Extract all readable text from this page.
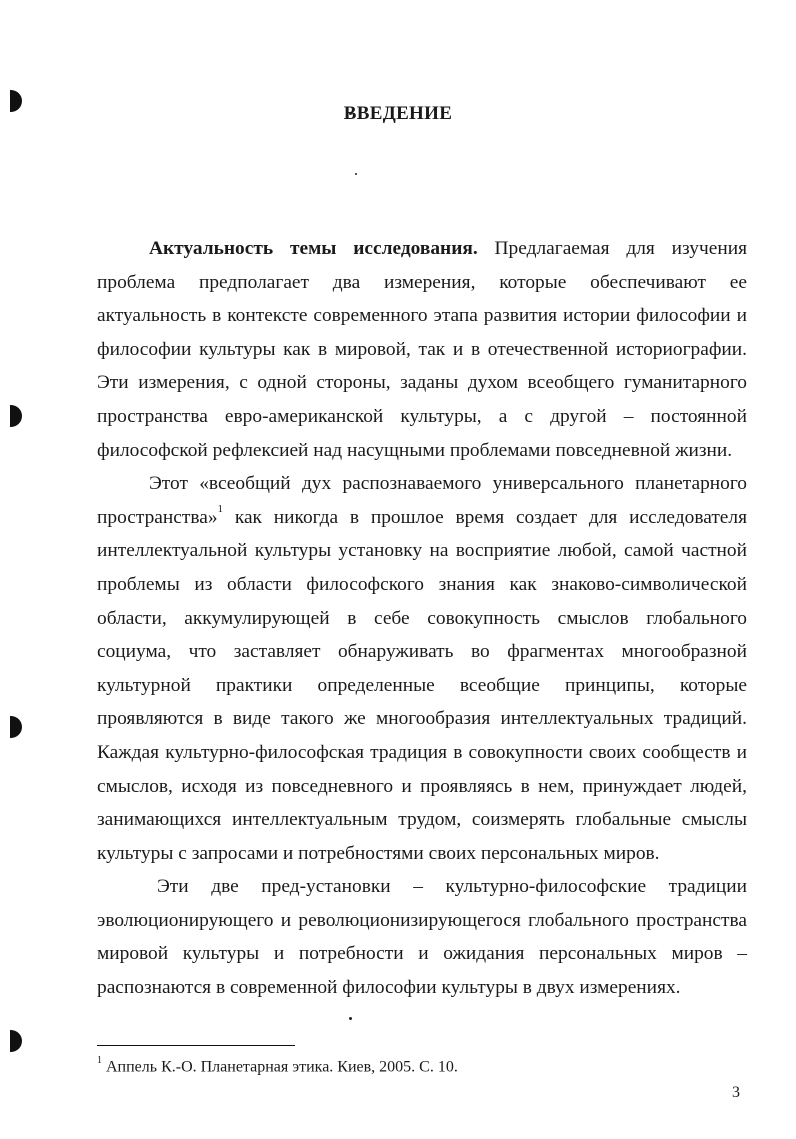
ВВЕДЕНИЕ

Актуальность темы исследования. Предлагаемая для изучения проблема предполагает два измерения, которые обеспечивают ее актуальность в контексте современного этапа развития истории философии и философии культуры как в мировой, так и в отечественной историографии. Эти измерения, с одной стороны, заданы духом всеобщего гуманитарного пространства евро-американской культуры, а с другой – постоянной философской рефлексией над насущными проблемами повседневной жизни.

Этот «всеобщий дух распознаваемого универсального планетарного пространства»$^1$ как никогда в прошлое время создает для исследователя интеллектуальной культуры установку на восприятие любой, самой частной проблемы из области философского знания как знаково-символической области, аккумулирующей в себе совокупность смыслов глобального социума, что заставляет обнаруживать во фрагментах многообразной культурной практики определенные всеобщие принципы, которые проявляются в виде такого же многообразия интеллектуальных традиций. Каждая культурно-философская традиция в совокупности своих сообществ и смыслов, исходя из повседневного и проявляясь в нем, принуждает людей, занимающихся интеллектуальным трудом, соизмерять глобальные смыслы культуры с запросами и потребностями своих персональных миров.

Эти две пред-установки – культурно-философские традиции эволюционирующего и революционизирующегося глобального пространства мировой культуры и потребности и ожидания персональных миров – распознаются в современной философии культуры в двух измерениях.

$^1$ Аппель К.-О. Планетарная этика. Киев, 2005. С. 10.
3
